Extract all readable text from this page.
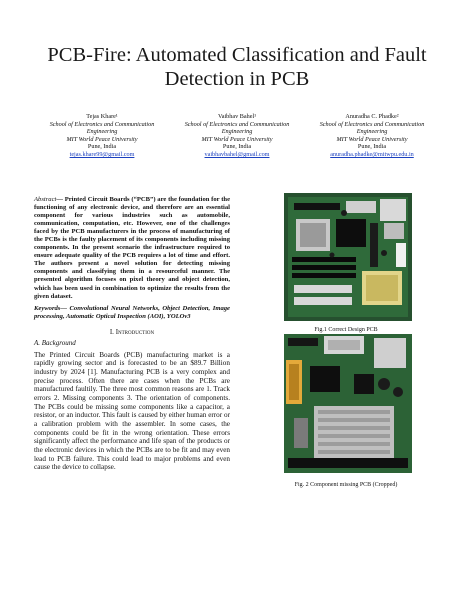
PCB-Fire: Automated Classification and Fault
Detection in PCB
Tejas Khare¹
School of Electronics and Communication
Engineering
MIT World Peace University
Pune, India
tejas.khare99@gmail.com
Vaibhav Bahel¹
School of Electronics and Communication
Engineering
MIT World Peace University
Pune, India
vaibhavbahel@gmail.com
Anuradha C. Phadke²
School of Electronics and Communication
Engineering
MIT World Peace University
Pune, India
anuradha.phadke@mitwpu.edu.in
Abstract— Printed Circuit Boards (“PCB”) are the foundation for the functioning of any electronic device, and therefore are an essential component for various industries such as automobile, communication, computation, etc. However, one of the challenges faced by the PCB manufacturers in the process of manufacturing of the PCBs is the faulty placement of its components including missing components. In the present scenario the infrastructure required to ensure adequate quality of the PCB requires a lot of time and effort. The authors present a novel solution for detecting missing components and classifying them in a resourceful manner. The presented algorithm focuses on pixel theory and object detection, which has been used in combination to optimize the results from the given dataset.
Keywords— Convolutional Neural Networks, Object Detection, Image processing, Automatic Optical Inspection (AOI), YOLOv3
I. Introduction
A. Background
The Printed Circuit Boards (PCB) manufacturing market is a rapidly growing sector and is forecasted to be an $89.7 Billion industry by 2024 [1]. Manufacturing PCB is a very complex and precise process. Often there are cases when the PCBs are manufactured faultily. The three most common reasons are 1. Track errors 2. Missing components 3. The orientation of components. The PCBs could be missing some components like a capacitor, a resistor, or an inductor. This fault is caused by either human error or a calibration problem with the assembler. In some cases, the components could be fit in the wrong orientation. These errors significantly affect the performance and life span of the products or the electronic devices in which the PCBs are to be fit and may even lead to PCB failure. This could lead to major problems and even cause the device to collapse.
Fig.1 Correct Design PCB
Fig. 2 Component missing PCB (Cropped)
